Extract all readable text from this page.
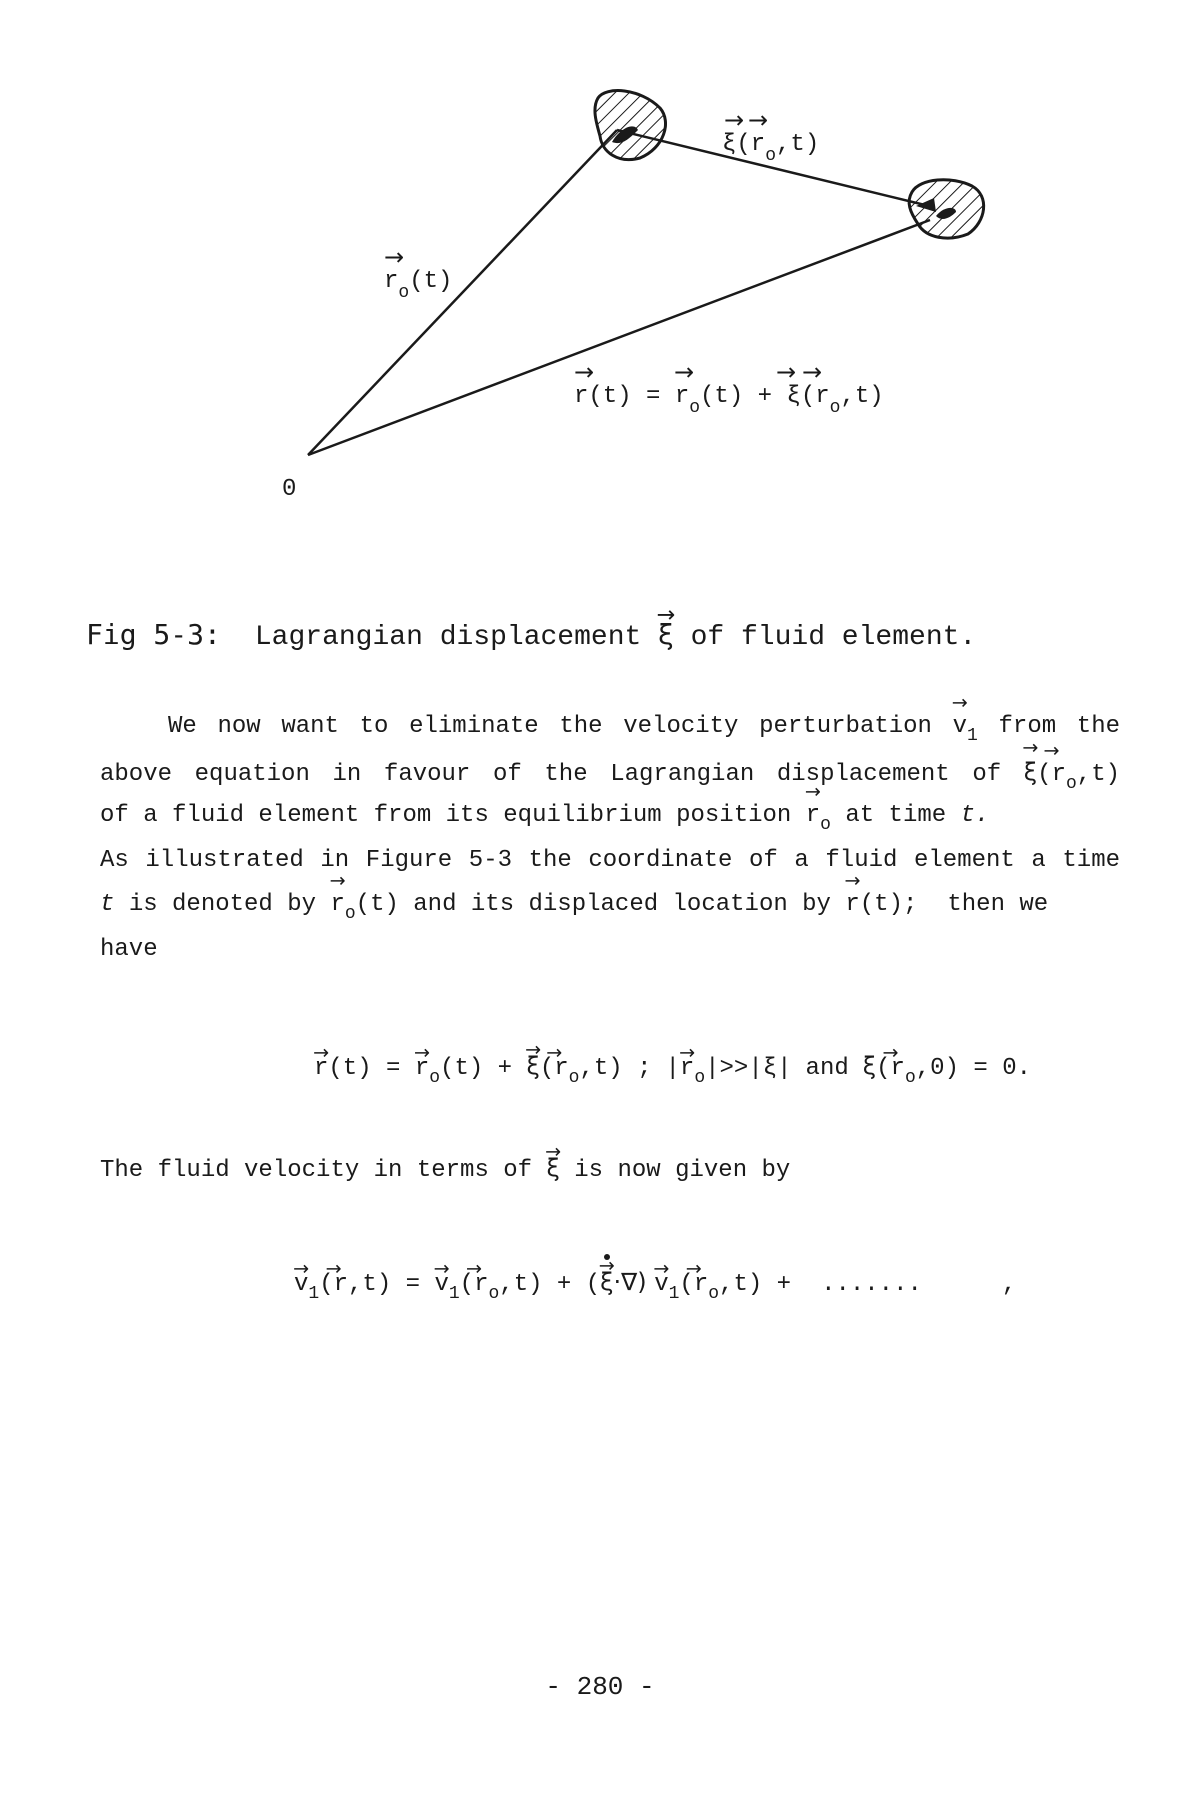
$\xi(r_o,t)$
→ →
$r_o(t)$
→
$r(t) = r_o(t) + \xi(r_o,t)$
→	→	→ →
0
Fig 5-3: Lagrangian displacement → ξ of fluid element.
We now want to eliminate the velocity perturbation → $v_1$ from the
above equation in favour of the Lagrangian displacement of → $\xi\to (r_o,t)$
of a fluid element from its equilibrium position → $r_o$ at time t.
As illustrated in Figure 5-3 the coordinate of a fluid element a time
t is denoted by → $r_o(t)$ and its displaced location by → r(t); then we
have
→ r(t) = → $r_o(t)$ + → $\xi\to (r_o,t)$ ; |→ $r_o|>>|\xi|$ and $\xi\to (r_o,0) = 0$.
The fluid velocity in terms of → ξ is now given by
→ $v_1\to (r,t)$ = → $v_1\to (r_o,t)$ + (→ $\xi\cdot\nabla) \to v_1\to (r_o,t)$ + .......	,
- 280 -
